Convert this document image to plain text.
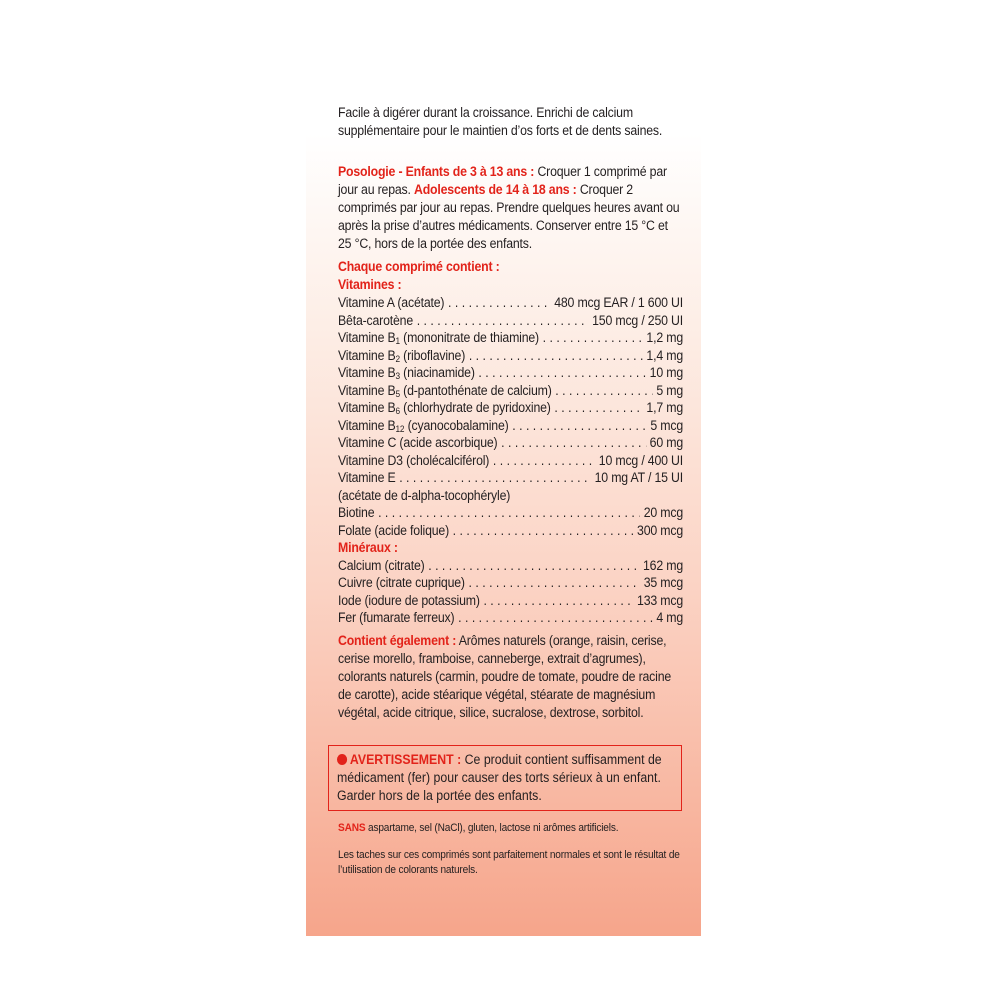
Facile à digérer durant la croissance. Enrichi de calcium supplémentaire pour le maintien d’os forts et de dents saines.
Posologie - Enfants de 3 à 13 ans : Croquer 1 comprimé par jour au repas. Adolescents de 14 à 18 ans : Croquer 2 comprimés par jour au repas. Prendre quelques heures avant ou après la prise d’autres médicaments. Conserver entre 15 °C et 25 °C, hors de la portée des enfants.
Chaque comprimé contient :
Vitamines :
Vitamine A (acétate) . . .	480 mcg EAR / 1 600 UI
Bêta-carotène . . .	150 mcg / 250 UI
Vitamine $B_1$ (mononitrate de thiamine) . . .	1,2 mg
Vitamine $B_2$ (riboflavine) . . .	1,4 mg
Vitamine $B_3$ (niacinamide) . . .	10 mg
Vitamine $B_5$ (d-pantothénate de calcium) . . .	5 mg
Vitamine $B_6$ (chlorhydrate de pyridoxine) . . .	1,7 mg
Vitamine $B_{12}$ (cyanocobalamine) . . .	5 mcg
Vitamine C (acide ascorbique) . . .	60 mg
Vitamine D3 (cholécalciférol) . . .	10 mcg / 400 UI
Vitamine E . . .	10 mg AT / 15 UI
(acétate de d-alpha-tocophéryle)
Biotine . . .	20 mcg
Folate (acide folique) . . .	300 mcg
Minéraux :
Calcium (citrate) . . .	162 mg
Cuivre (citrate cuprique) . . .	35 mcg
Iode (iodure de potassium) . . .	133 mcg
Fer (fumarate ferreux) . . .	4 mg
Contient également : Arômes naturels (orange, raisin, cerise, cerise morello, framboise, canneberge, extrait d’agrumes), colorants naturels (carmin, poudre de tomate, poudre de racine de carotte), acide stéarique végétal, stéarate de magnésium végétal, acide citrique, silice, sucralose, dextrose, sorbitol.
SANS aspartame, sel (NaCl), gluten, lactose ni arômes artificiels.
Les taches sur ces comprimés sont parfaitement normales et sont le résultat de l’utilisation de colorants naturels.
AVERTISSEMENT : Ce produit contient suffisamment de médicament (fer) pour causer des torts sérieux à un enfant. Garder hors de la portée des enfants.
